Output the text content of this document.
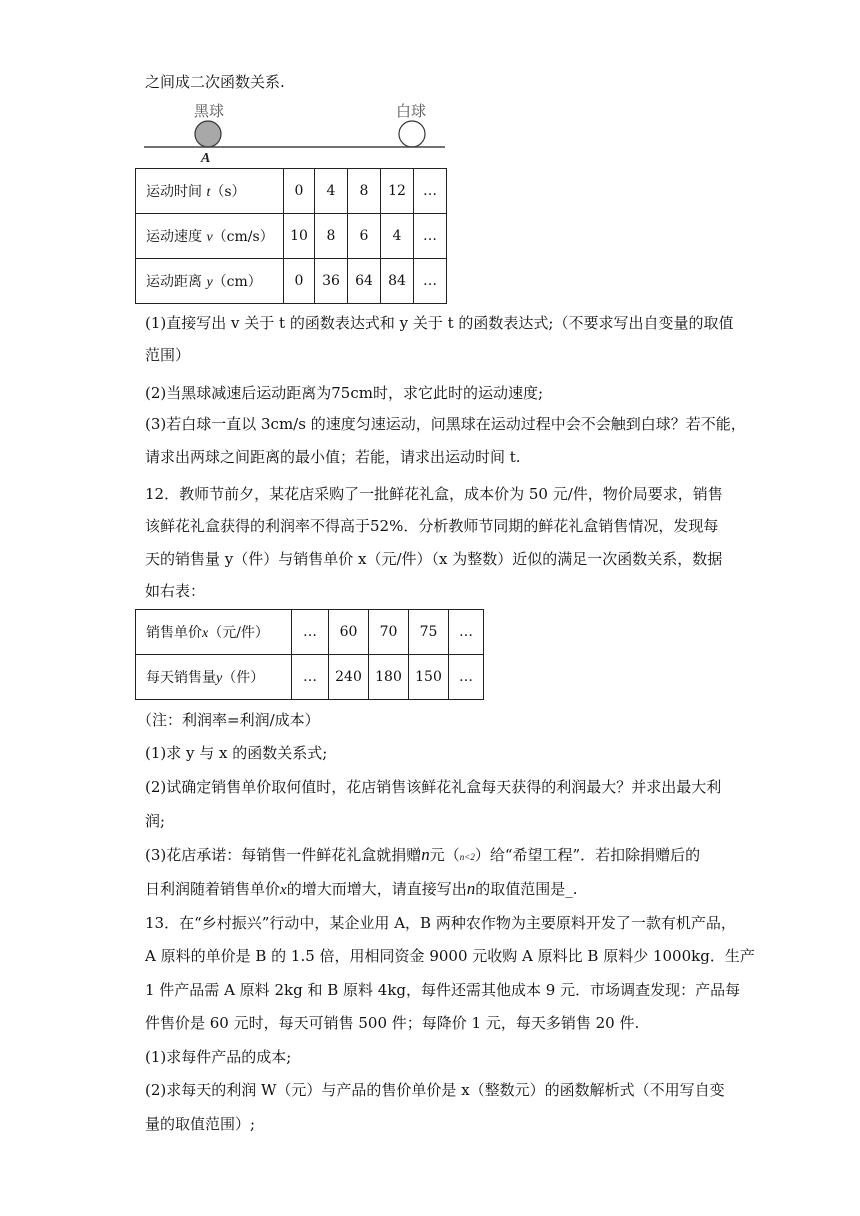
之间成二次函数关系.
黑球	白球
A
运动时间 t（s）	0	4	8	12	…
运动速度 v（cm/s）	10	8	6	4	…
运动距离 y（cm）	0	36	64	84	…
(1)直接写出 v 关于 t 的函数表达式和 y 关于 t 的函数表达式;（不要求写出自变量的取值
范围）
(2)当黑球减速后运动距离为75cm时，求它此时的运动速度;
(3)若白球一直以 3cm/s 的速度匀速运动，问黑球在运动过程中会不会触到白球？若不能，
请求出两球之间距离的最小值；若能，请求出运动时间 t.
12．教师节前夕，某花店采购了一批鲜花礼盒，成本价为 50 元/件，物价局要求，销售
该鲜花礼盒获得的利润率不得高于52%．分析教师节同期的鲜花礼盒销售情况，发现每
天的销售量 y（件）与销售单价 x（元/件）（x 为整数）近似的满足一次函数关系，数据
如右表：
销售单价x（元/件）	…	60	70	75	…
每天销售量y（件）	…	240	180	150	…
（注：利润率=利润/成本）
(1)求 y 与 x 的函数关系式;
(2)试确定销售单价取何值时，花店销售该鲜花礼盒每天获得的利润最大？并求出最大利
润;
(3)花店承诺：每销售一件鲜花礼盒就捐赠n元（n<2）给“希望工程”．若扣除捐赠后的
日利润随着销售单价x的增大而增大，请直接写出n的取值范围是_.
13．在“乡村振兴”行动中，某企业用 A，B 两种农作物为主要原料开发了一款有机产品，
A 原料的单价是 B 的 1.5 倍，用相同资金 9000 元收购 A 原料比 B 原料少 1000kg．生产
1 件产品需 A 原料 2kg 和 B 原料 4kg，每件还需其他成本 9 元．市场调查发现：产品每
件售价是 60 元时，每天可销售 500 件；每降价 1 元，每天多销售 20 件.
(1)求每件产品的成本;
(2)求每天的利润 W（元）与产品的售价单价是 x（整数元）的函数解析式（不用写自变
量的取值范围）;
